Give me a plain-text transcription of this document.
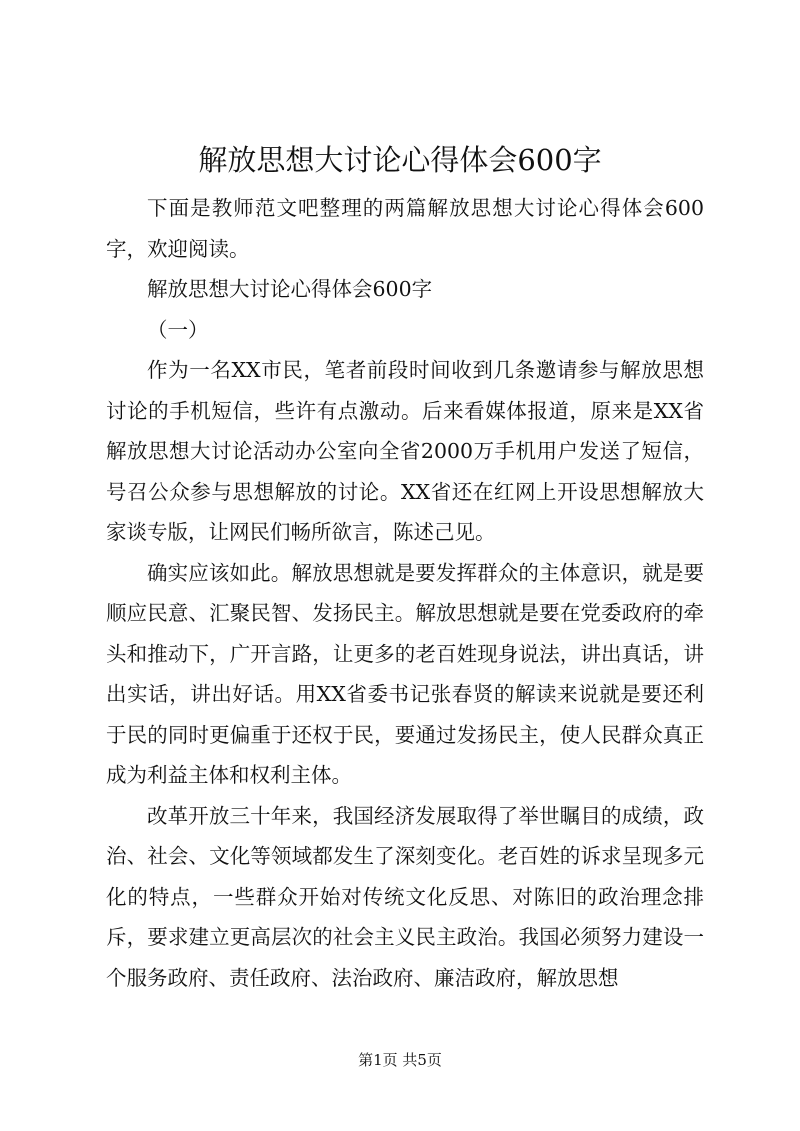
解放思想大讨论心得体会600字

下面是教师范文吧整理的两篇解放思想大讨论心得体会600字，欢迎阅读。

解放思想大讨论心得体会600字

（一）

作为一名XX市民，笔者前段时间收到几条邀请参与解放思想讨论的手机短信，些许有点激动。后来看媒体报道，原来是XX省解放思想大讨论活动办公室向全省2000万手机用户发送了短信，号召公众参与思想解放的讨论。XX省还在红网上开设思想解放大家谈专版，让网民们畅所欲言，陈述己见。

确实应该如此。解放思想就是要发挥群众的主体意识，就是要顺应民意、汇聚民智、发扬民主。解放思想就是要在党委政府的牵头和推动下，广开言路，让更多的老百姓现身说法，讲出真话，讲出实话，讲出好话。用XX省委书记张春贤的解读来说就是要还利于民的同时更偏重于还权于民，要通过发扬民主，使人民群众真正成为利益主体和权利主体。

改革开放三十年来，我国经济发展取得了举世瞩目的成绩，政治、社会、文化等领域都发生了深刻变化。老百姓的诉求呈现多元化的特点，一些群众开始对传统文化反思、对陈旧的政治理念排斥，要求建立更高层次的社会主义民主政治。我国必须努力建设一个服务政府、责任政府、法治政府、廉洁政府，解放思想

第1页 共5页
